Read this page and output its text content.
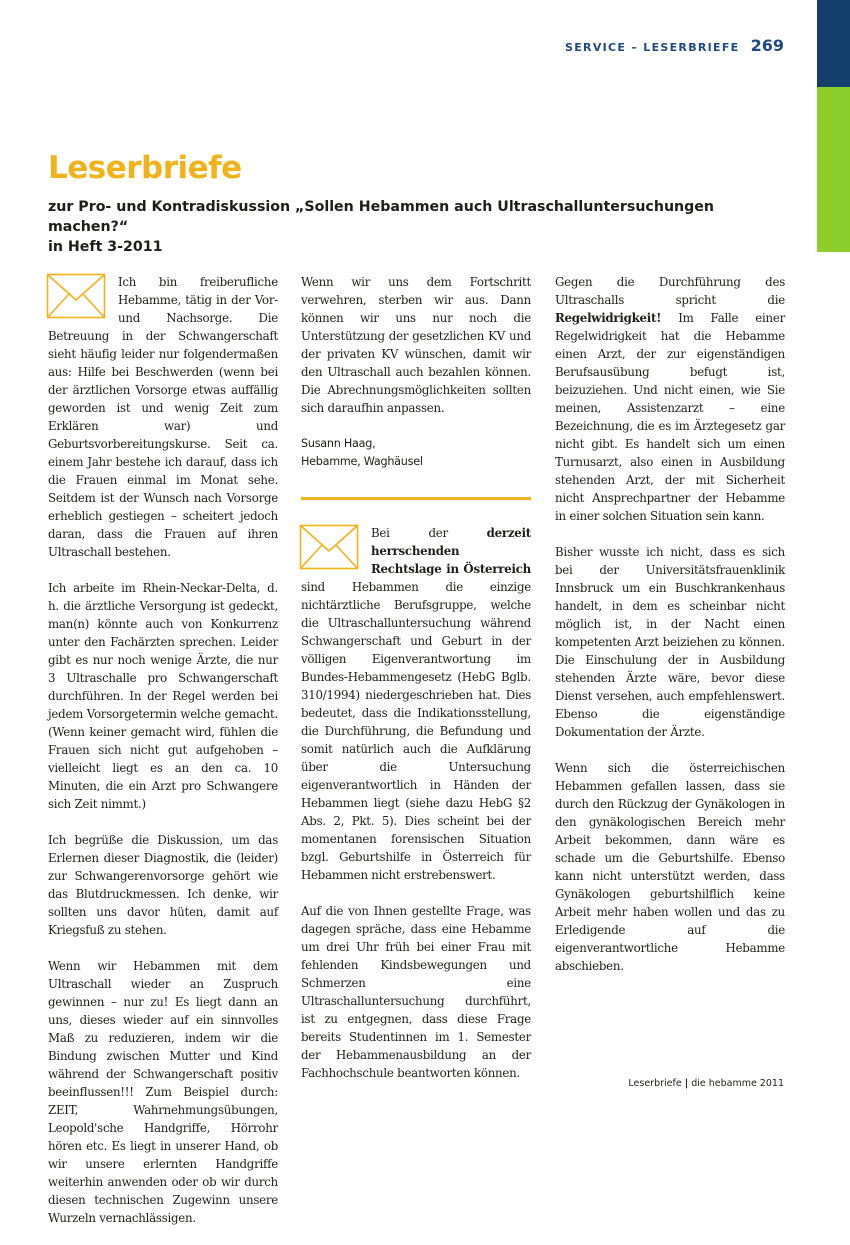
SERVICE – LESERBRIEFE 269
Leserbriefe
zur Pro- und Kontradiskussion „Sollen Hebammen auch Ultraschalluntersuchungen machen?“
in Heft 3-2011

Ich bin freiberufliche Hebamme, tätig in der Vor- und Nachsorge. Die Betreuung in der Schwangerschaft sieht häufig leider nur folgendermaßen aus: Hilfe bei Beschwerden (wenn bei der ärztlichen Vorsorge etwas auffällig geworden ist und wenig Zeit zum Erklären war) und Geburtsvorbereitungskurse. Seit ca. einem Jahr bestehe ich darauf, dass ich die Frauen einmal im Monat sehe. Seitdem ist der Wunsch nach Vorsorge erheblich gestiegen – scheitert jedoch daran, dass die Frauen auf ihren Ultraschall bestehen.

Ich arbeite im Rhein-Neckar-Delta, d. h. die ärztliche Versorgung ist gedeckt, man(n) könnte auch von Konkurrenz unter den Fachärzten sprechen. Leider gibt es nur noch wenige Ärzte, die nur 3 Ultraschalle pro Schwangerschaft durchführen. In der Regel werden bei jedem Vorsorgetermin welche gemacht. (Wenn keiner gemacht wird, fühlen die Frauen sich nicht gut aufgehoben – vielleicht liegt es an den ca. 10 Minuten, die ein Arzt pro Schwangere sich Zeit nimmt.)

Ich begrüße die Diskussion, um das Erlernen dieser Diagnostik, die (leider) zur Schwangerenvorsorge gehört wie das Blutdruckmessen. Ich denke, wir sollten uns davor hüten, damit auf Kriegsfuß zu stehen.

Wenn wir Hebammen mit dem Ultraschall wieder an Zuspruch gewinnen – nur zu! Es liegt dann an uns, dieses wieder auf ein sinnvolles Maß zu reduzieren, indem wir die Bindung zwischen Mutter und Kind während der Schwangerschaft positiv beeinflussen!!! Zum Beispiel durch: ZEIT, Wahrnehmungsübungen, Leopold'sche Handgriffe, Hörrohr hören etc. Es liegt in unserer Hand, ob wir unsere erlernten Handgriffe weiterhin anwenden oder ob wir durch diesen technischen Zugewinn unsere Wurzeln vernachlässigen.

Wenn wir uns dem Fortschritt verwehren, sterben wir aus. Dann können wir uns nur noch die Unterstützung der gesetzlichen KV und der privaten KV wünschen, damit wir den Ultraschall auch bezahlen können. Die Abrechnungsmöglichkeiten sollten sich daraufhin anpassen.

Susann Haag,
Hebamme, Waghäusel

Bei der derzeit herrschenden Rechtslage in Österreich sind Hebammen die einzige nichtärztliche Berufsgruppe, welche die Ultraschalluntersuchung während Schwangerschaft und Geburt in der völligen Eigenverantwortung im Bundes-Hebammengesetz (HebG Bglb. 310/1994) niedergeschrieben hat. Dies bedeutet, dass die Indikationsstellung, die Durchführung, die Befundung und somit natürlich auch die Aufklärung über die Untersuchung eigenverantwortlich in Händen der Hebammen liegt (siehe dazu HebG §2 Abs. 2, Pkt. 5). Dies scheint bei der momentanen forensischen Situation bzgl. Geburtshilfe in Österreich für Hebammen nicht erstrebenswert.

Auf die von Ihnen gestellte Frage, was dagegen spräche, dass eine Hebamme um drei Uhr früh bei einer Frau mit fehlenden Kindsbewegungen und Schmerzen eine Ultraschalluntersuchung durchführt, ist zu entgegnen, dass diese Frage bereits Studentinnen im 1. Semester der Hebammenausbildung an der Fachhochschule beantworten können.

Gegen die Durchführung des Ultraschalls spricht die Regelwidrigkeit! Im Falle einer Regelwidrigkeit hat die Hebamme einen Arzt, der zur eigenständigen Berufsausübung befugt ist, beizuziehen. Und nicht einen, wie Sie meinen, Assistenzarzt – eine Bezeichnung, die es im Ärztegesetz gar nicht gibt. Es handelt sich um einen Turnusarzt, also einen in Ausbildung stehenden Arzt, der mit Sicherheit nicht Ansprechpartner der Hebamme in einer solchen Situation sein kann.

Bisher wusste ich nicht, dass es sich bei der Universitätsfrauenklinik Innsbruck um ein Buschkrankenhaus handelt, in dem es scheinbar nicht möglich ist, in der Nacht einen kompetenten Arzt beiziehen zu können. Die Einschulung der in Ausbildung stehenden Ärzte wäre, bevor diese Dienst versehen, auch empfehlenswert. Ebenso die eigenständige Dokumentation der Ärzte.

Wenn sich die österreichischen Hebammen gefallen lassen, dass sie durch den Rückzug der Gynäkologen in den gynäkologischen Bereich mehr Arbeit bekommen, dann wäre es schade um die Geburtshilfe. Ebenso kann nicht unterstützt werden, dass Gynäkologen geburtshilflich keine Arbeit mehr haben wollen und das zu Erledigende auf die eigenverantwortliche Hebamme abschieben.

Leserbriefe | die hebamme 2011
